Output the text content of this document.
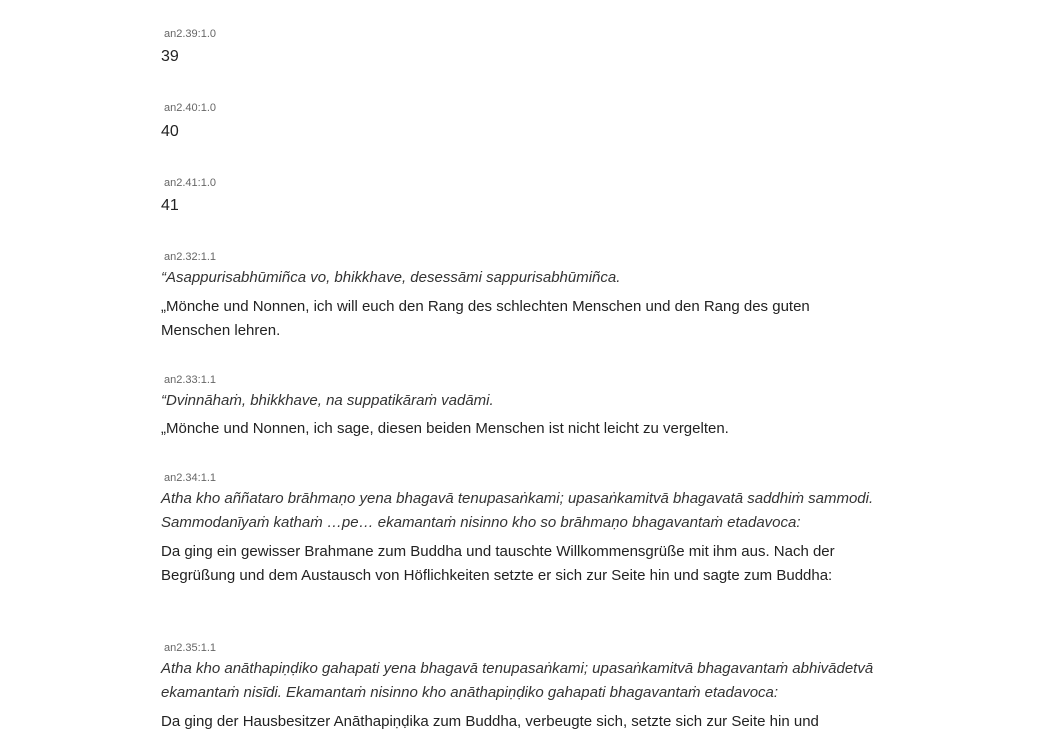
an2.39:1.0
39
an2.40:1.0
40
an2.41:1.0
41
an2.32:1.1
“Asappurisabhūmiñca vo, bhikkhave, desessāmi sappurisabhūmiñca.
„Mönche und Nonnen, ich will euch den Rang des schlechten Menschen und den Rang des guten Menschen lehren.
an2.33:1.1
“Dvinnāhaṁ, bhikkhave, na suppatikāraṁ vadāmi.
„Mönche und Nonnen, ich sage, diesen beiden Menschen ist nicht leicht zu vergelten.
an2.34:1.1
Atha kho aññataro brāhmaṇo yena bhagavā tenupasaṅkami; upasaṅkamitvā bhagavatā saddhiṁ sammodi. Sammodanīyaṁ kathaṁ …pe… ekamantaṁ nisinno kho so brāhmaṇo bhagavantaṁ etadavoca:
Da ging ein gewisser Brahmane zum Buddha und tauschte Willkommensgrüße mit ihm aus. Nach der Begrüßung und dem Austausch von Höflichkeiten setzte er sich zur Seite hin und sagte zum Buddha:
an2.35:1.1
Atha kho anāthapiṇḍiko gahapati yena bhagavā tenupasaṅkami; upasaṅkamitvā bhagavantaṁ abhivādetvā ekamantaṁ nisīdi. Ekamantaṁ nisinno kho anāthapiṇḍiko gahapati bhagavantaṁ etadavoca:
Da ging der Hausbesitzer Anāthapiṇḍika zum Buddha, verbeugte sich, setzte sich zur Seite hin und
